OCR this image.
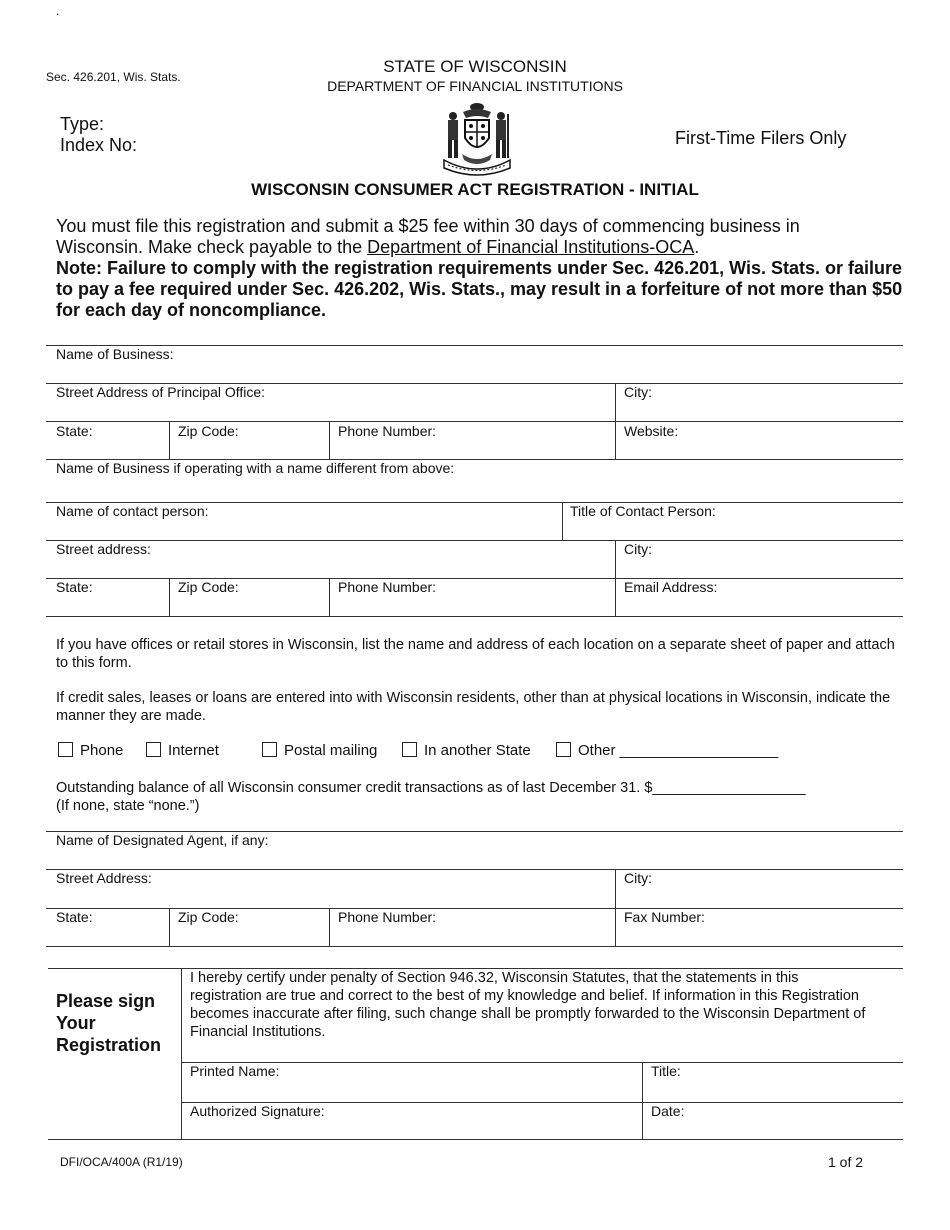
.
Sec. 426.201, Wis. Stats.
STATE OF WISCONSIN
DEPARTMENT OF FINANCIAL INSTITUTIONS
Type:
Index No:	First-Time Filers Only
WISCONSIN CONSUMER ACT REGISTRATION - INITIAL
You must file this registration and submit a $25 fee within 30 days of commencing business in
Wisconsin. Make check payable to the Department of Financial Institutions-OCA.
Note: Failure to comply with the registration requirements under Sec. 426.201, Wis. Stats. or failure to pay a fee required under Sec. 426.202, Wis. Stats., may result in a forfeiture of not more than $50 for each day of noncompliance.
Name of Business:
Street Address of Principal Office:	City:
State:	Zip Code:	Phone Number:	Website:
Name of Business if operating with a name different from above:
Name of contact person:	Title of Contact Person:
Street address:	City:
State:	Zip Code:	Phone Number:	Email Address:
If you have offices or retail stores in Wisconsin, list the name and address of each location on a separate sheet of paper and attach to this form.
If credit sales, leases or loans are entered into with Wisconsin residents, other than at physical locations in Wisconsin, indicate the manner they are made.
Phone	Internet	Postal mailing	In another State	Other ___________________
Outstanding balance of all Wisconsin consumer credit transactions as of last December 31. $___________________
(If none, state “none.”)
Name of Designated Agent, if any:
Street Address:	City:
State:	Zip Code:	Phone Number:	Fax Number:
Please sign
Your
Registration
I hereby certify under penalty of Section 946.32, Wisconsin Statutes, that the statements in this registration are true and correct to the best of my knowledge and belief. If information in this Registration becomes inaccurate after filing, such change shall be promptly forwarded to the Wisconsin Department of Financial Institutions.
Printed Name:	Title:
Authorized Signature:	Date:
DFI/OCA/400A (R1/19)	1 of 2
